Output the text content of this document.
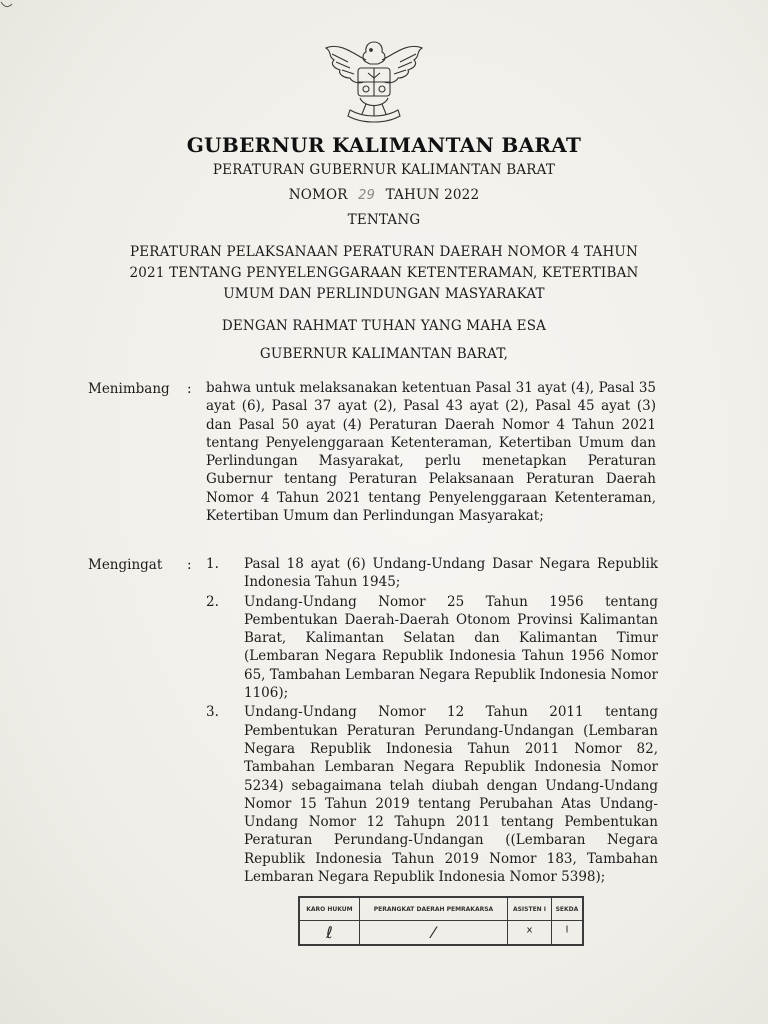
GUBERNUR KALIMANTAN BARAT
PERATURAN GUBERNUR KALIMANTAN BARAT
NOMOR 29 TAHUN 2022
TENTANG
PERATURAN PELAKSANAAN PERATURAN DAERAH NOMOR 4 TAHUN
2021 TENTANG PENYELENGGARAAN KETENTERAMAN, KETERTIBAN
UMUM DAN PERLINDUNGAN MASYARAKAT
DENGAN RAHMAT TUHAN YANG MAHA ESA
GUBERNUR KALIMANTAN BARAT,
Menimbang : bahwa untuk melaksanakan ketentuan Pasal 31 ayat (4), Pasal 35 ayat (6), Pasal 37 ayat (2), Pasal 43 ayat (2), Pasal 45 ayat (3) dan Pasal 50 ayat (4) Peraturan Daerah Nomor 4 Tahun 2021 tentang Penyelenggaraan Ketenteraman, Ketertiban Umum dan Perlindungan Masyarakat, perlu menetapkan Peraturan Gubernur tentang Peraturan Pelaksanaan Peraturan Daerah Nomor 4 Tahun 2021 tentang Penyelenggaraan Ketenteraman, Ketertiban Umum dan Perlindungan Masyarakat;
Mengingat : 1. Pasal 18 ayat (6) Undang-Undang Dasar Negara Republik Indonesia Tahun 1945;
2. Undang-Undang Nomor 25 Tahun 1956 tentang Pembentukan Daerah-Daerah Otonom Provinsi Kalimantan Barat, Kalimantan Selatan dan Kalimantan Timur (Lembaran Negara Republik Indonesia Tahun 1956 Nomor 65, Tambahan Lembaran Negara Republik Indonesia Nomor 1106);
3. Undang-Undang Nomor 12 Tahun 2011 tentang Pembentukan Peraturan Perundang-Undangan (Lembaran Negara Republik Indonesia Tahun 2011 Nomor 82, Tambahan Lembaran Negara Republik Indonesia Nomor 5234) sebagaimana telah diubah dengan Undang-Undang Nomor 15 Tahun 2019 tentang Perubahan Atas Undang-Undang Nomor 12 Tahupn 2011 tentang Pembentukan Peraturan Perundang-Undangan ((Lembaran Negara Republik Indonesia Tahun 2019 Nomor 183, Tambahan Lembaran Negara Republik Indonesia Nomor 5398);
KARO HUKUM	PERANGKAT DAERAH PEMRAKARSA	ASISTEN I	SEKDA
ℓ	⁄	ˣ	ˡ
